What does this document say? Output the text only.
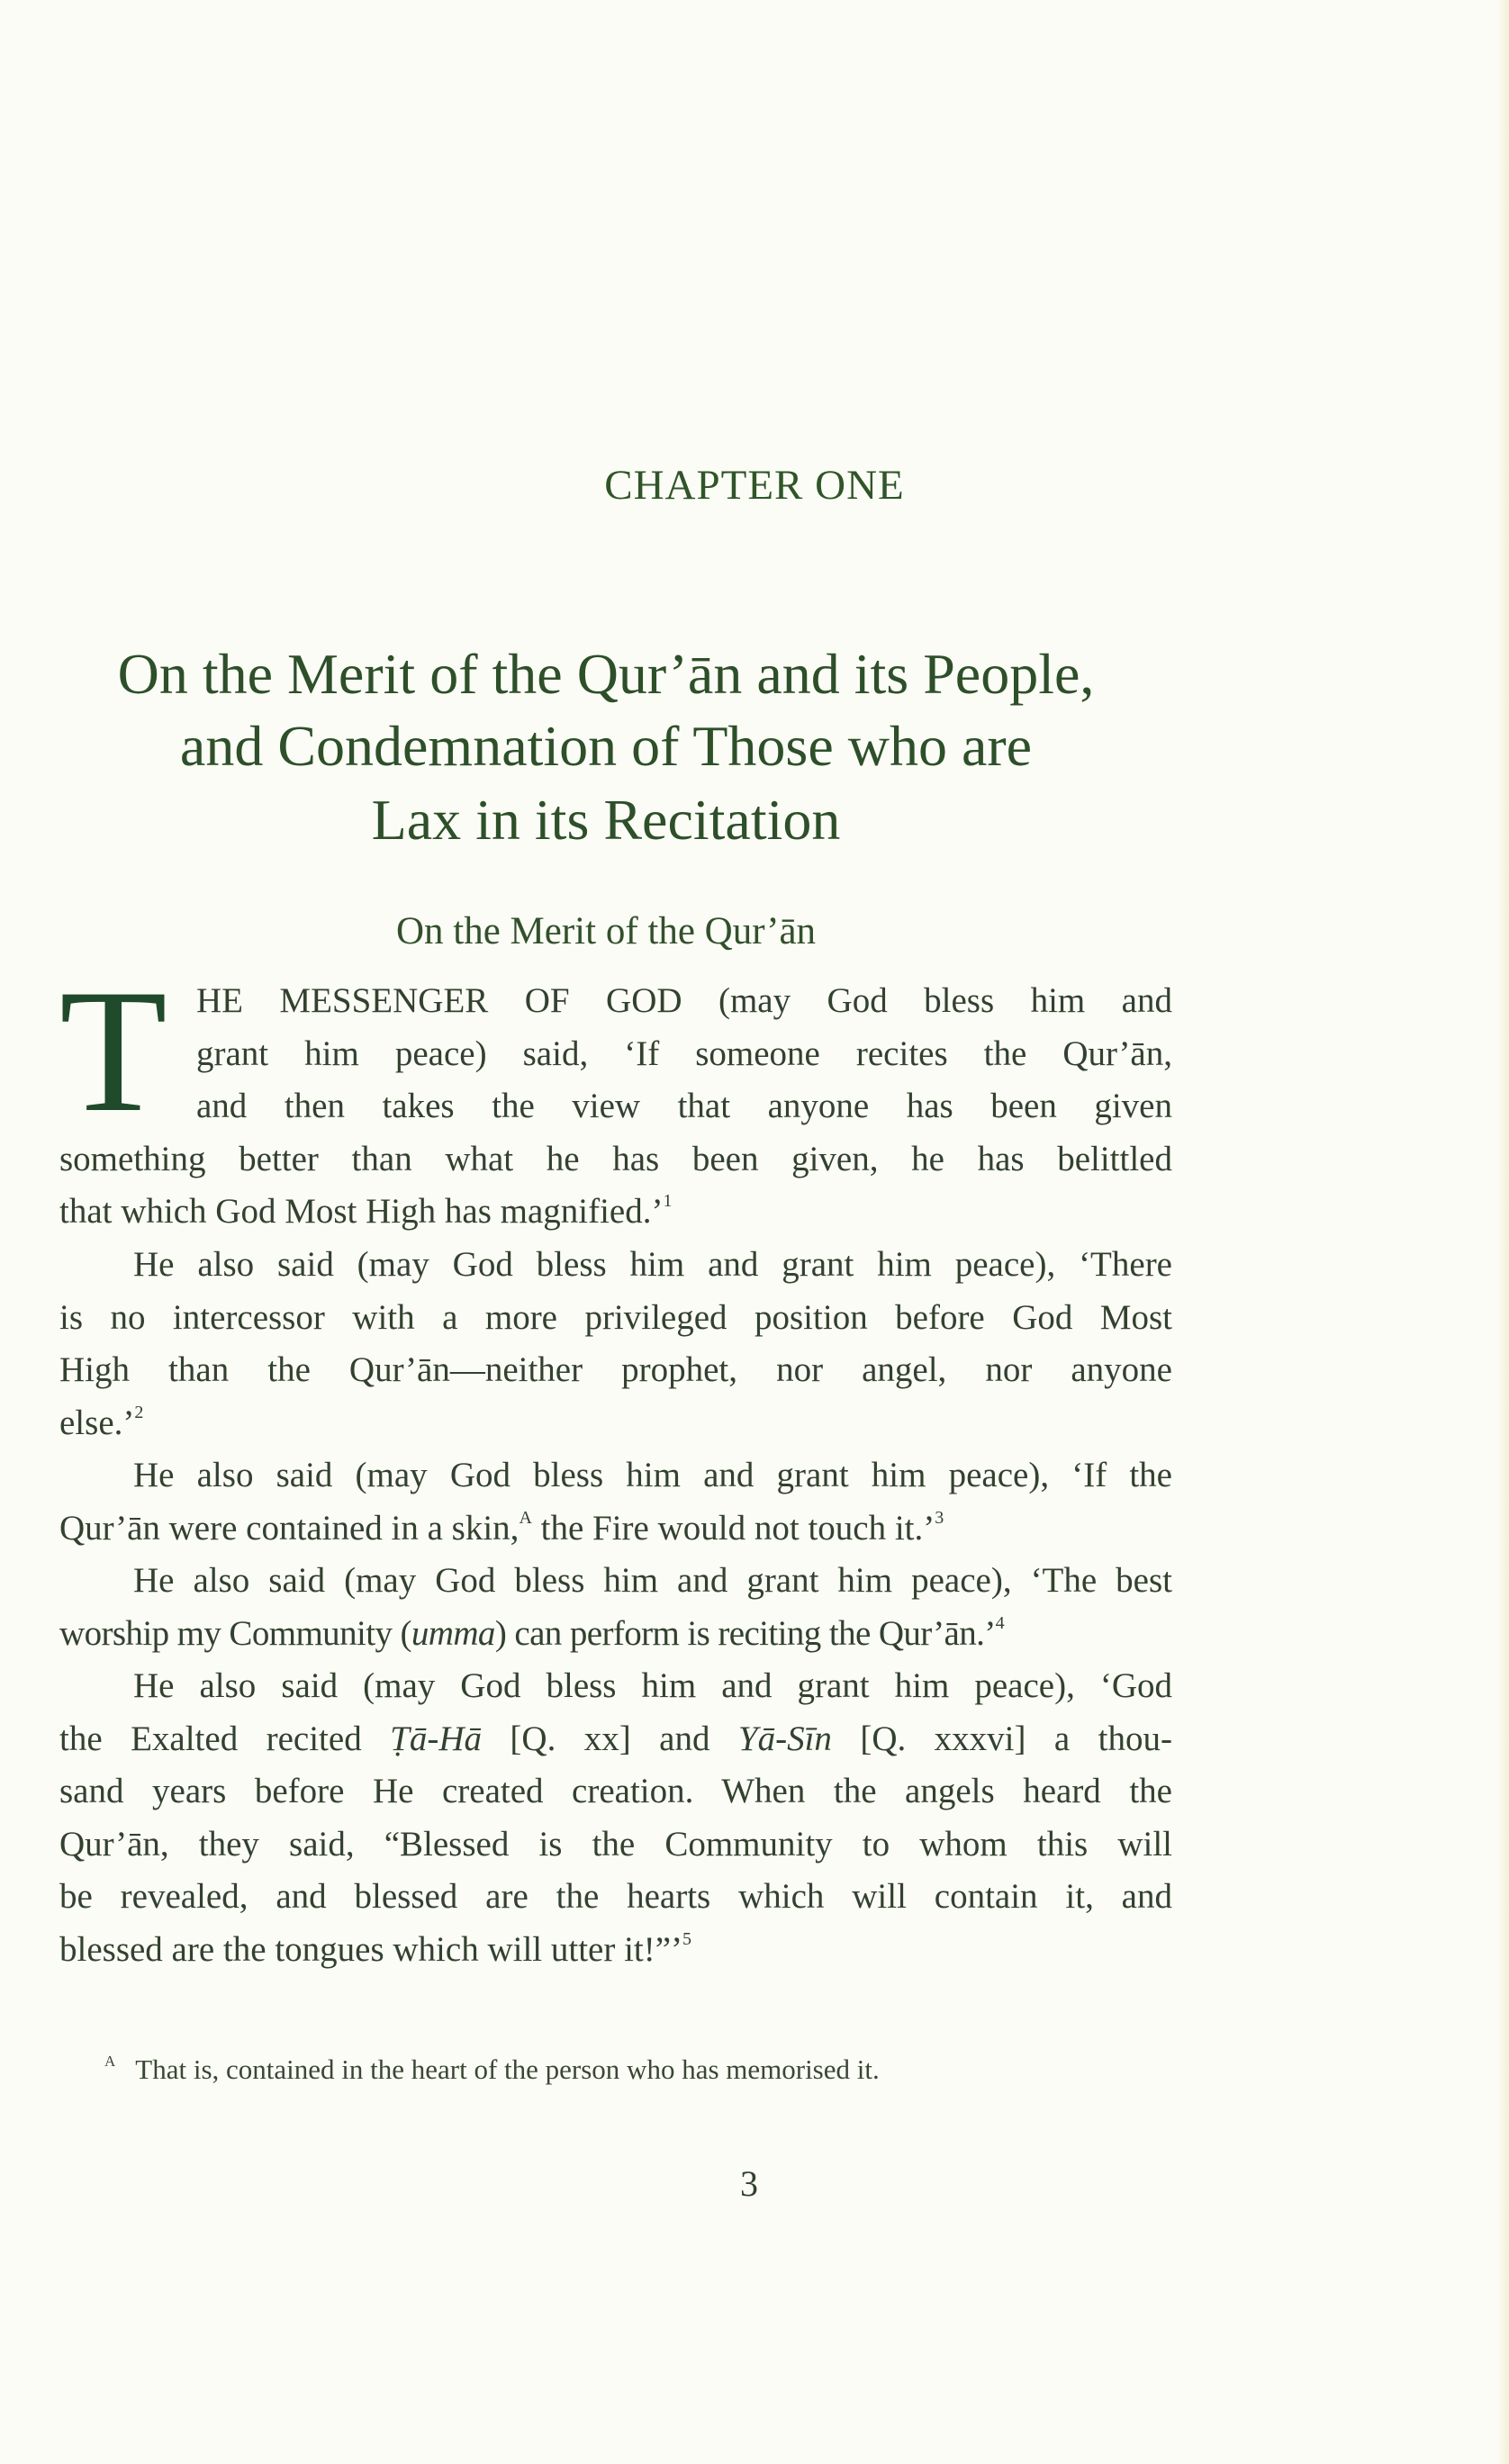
CHAPTER ONE
On the Merit of the Qur’ān and its People,
and Condemnation of Those who are
Lax in its Recitation
On the Merit of the Qur’ān
T HE MESSENGER OF GOD (may God bless him and
grant him peace) said, ‘If someone recites the Qur’ān,
and then takes the view that anyone has been given
something better than what he has been given, he has belittled
that which God Most High has magnified.’$^1$
He also said (may God bless him and grant him peace), ‘There
is no intercessor with a more privileged position before God Most
High than the Qur’ān—neither prophet, nor angel, nor anyone
else.’$^2$
He also said (may God bless him and grant him peace), ‘If the
Qur’ān were contained in a skin,$^A$ the Fire would not touch it.’$^3$
He also said (may God bless him and grant him peace), ‘The best
worship my Community (umma) can perform is reciting the Qur’ān.’$^4$
He also said (may God bless him and grant him peace), ‘God
the Exalted recited Ṭā-Hā [Q. xx] and Yā-Sīn [Q. xxxvi] a thou-
sand years before He created creation. When the angels heard the
Qur’ān, they said, “Blessed is the Community to whom this will
be revealed, and blessed are the hearts which will contain it, and
blessed are the tongues which will utter it!”’$^5$
$^A$ That is, contained in the heart of the person who has memorised it.
3
